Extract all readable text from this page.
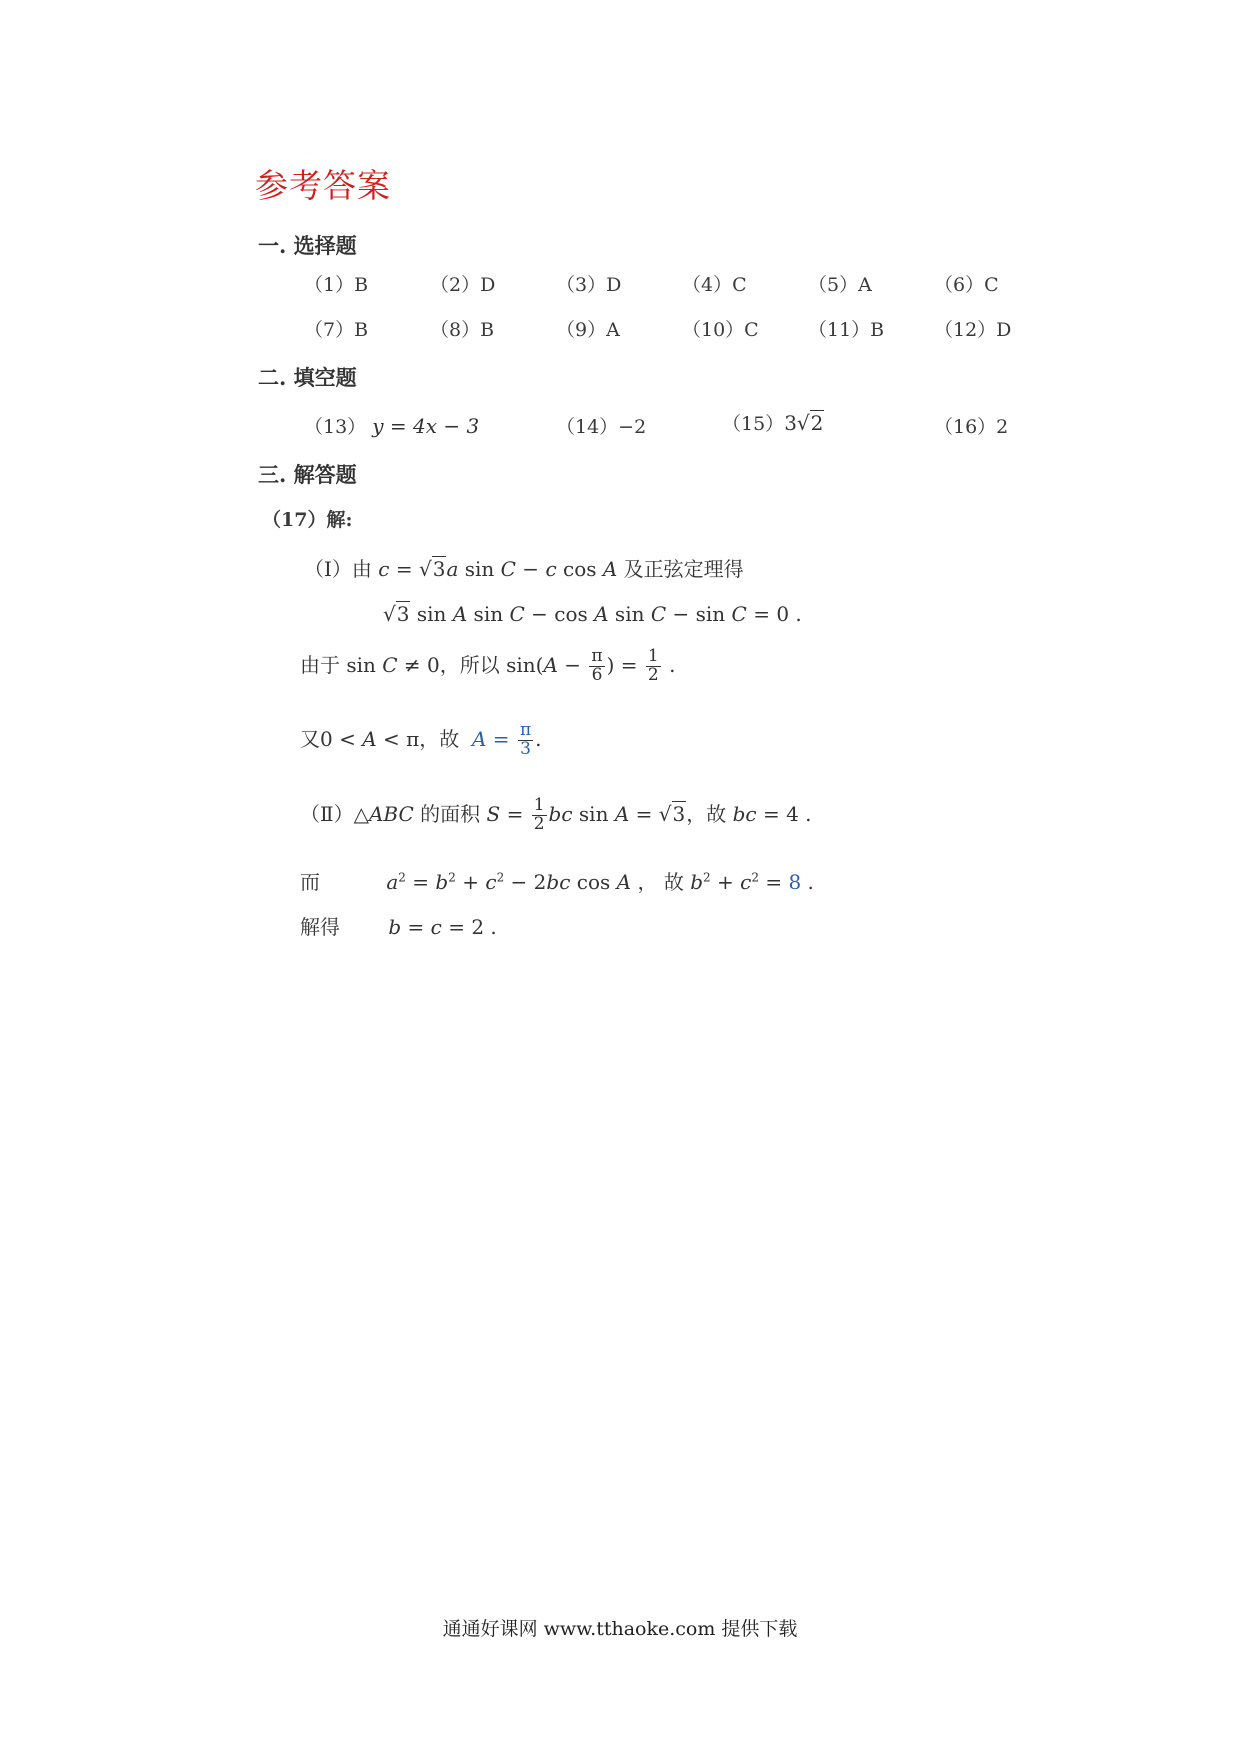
参考答案
一. 选择题
（1）B	（2）D	（3）D	（4）C	（5）A	（6）C
（7）B	（8）B	（9）A	（10）C	（11）B	（12）D
二. 填空题
（13） y = 4x − 3	（14）−2	（15）3√2	（16）2
三. 解答题
（17）解:
（Ⅰ）由 c = √3a sin C − c cos A 及正弦定理得
√3 sin A sin C − cos A sin C − sin C = 0 .
由于 sin C ≠ 0，所以 $\sin(A - \frac{\pi}{6}$ ) = $\frac{1}{2}$ .
又0 < A < π，故 $A = \frac{\pi}{3}$ .
（Ⅱ）△ABC 的面积 $S = \frac{1}{2}$ bc sin A = √3，故 bc = 4 .
而	$a^2 = b^2 + c^2 - 2bc$ cos A ， 故 $b^2 + c^2 = 8$ .
解得 b = c = 2 .
通通好课网 www.tthaoke.com 提供下载
